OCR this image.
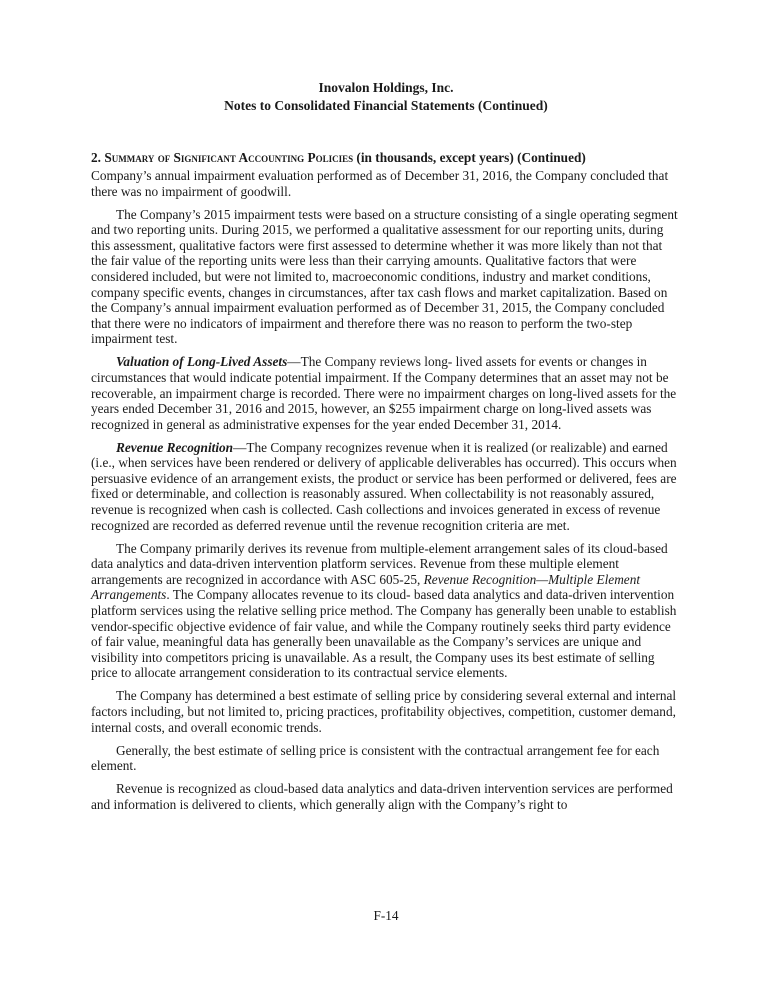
Inovalon Holdings, Inc.
Notes to Consolidated Financial Statements (Continued)
2. Summary of Significant Accounting Policies (in thousands, except years) (Continued)

Company’s annual impairment evaluation performed as of December 31, 2016, the Company concluded that there was no impairment of goodwill.

The Company’s 2015 impairment tests were based on a structure consisting of a single operating segment and two reporting units. During 2015, we performed a qualitative assessment for our reporting units, during this assessment, qualitative factors were first assessed to determine whether it was more likely than not that the fair value of the reporting units were less than their carrying amounts. Qualitative factors that were considered included, but were not limited to, macroeconomic conditions, industry and market conditions, company specific events, changes in circumstances, after tax cash flows and market capitalization. Based on the Company’s annual impairment evaluation performed as of December 31, 2015, the Company concluded that there were no indicators of impairment and therefore there was no reason to perform the two-step impairment test.

Valuation of Long-Lived Assets—The Company reviews long- lived assets for events or changes in circumstances that would indicate potential impairment. If the Company determines that an asset may not be recoverable, an impairment charge is recorded. There were no impairment charges on long-lived assets for the years ended December 31, 2016 and 2015, however, an $255 impairment charge on long-lived assets was recognized in general as administrative expenses for the year ended December 31, 2014.

Revenue Recognition—The Company recognizes revenue when it is realized (or realizable) and earned (i.e., when services have been rendered or delivery of applicable deliverables has occurred). This occurs when persuasive evidence of an arrangement exists, the product or service has been performed or delivered, fees are fixed or determinable, and collection is reasonably assured. When collectability is not reasonably assured, revenue is recognized when cash is collected. Cash collections and invoices generated in excess of revenue recognized are recorded as deferred revenue until the revenue recognition criteria are met.

The Company primarily derives its revenue from multiple-element arrangement sales of its cloud-based data analytics and data-driven intervention platform services. Revenue from these multiple element arrangements are recognized in accordance with ASC 605-25, Revenue Recognition—Multiple Element Arrangements. The Company allocates revenue to its cloud- based data analytics and data-driven intervention platform services using the relative selling price method. The Company has generally been unable to establish vendor-specific objective evidence of fair value, and while the Company routinely seeks third party evidence of fair value, meaningful data has generally been unavailable as the Company’s services are unique and visibility into competitors pricing is unavailable. As a result, the Company uses its best estimate of selling price to allocate arrangement consideration to its contractual service elements.

The Company has determined a best estimate of selling price by considering several external and internal factors including, but not limited to, pricing practices, profitability objectives, competition, customer demand, internal costs, and overall economic trends.

Generally, the best estimate of selling price is consistent with the contractual arrangement fee for each element.

Revenue is recognized as cloud-based data analytics and data-driven intervention services are performed and information is delivered to clients, which generally align with the Company’s right to

F-14
